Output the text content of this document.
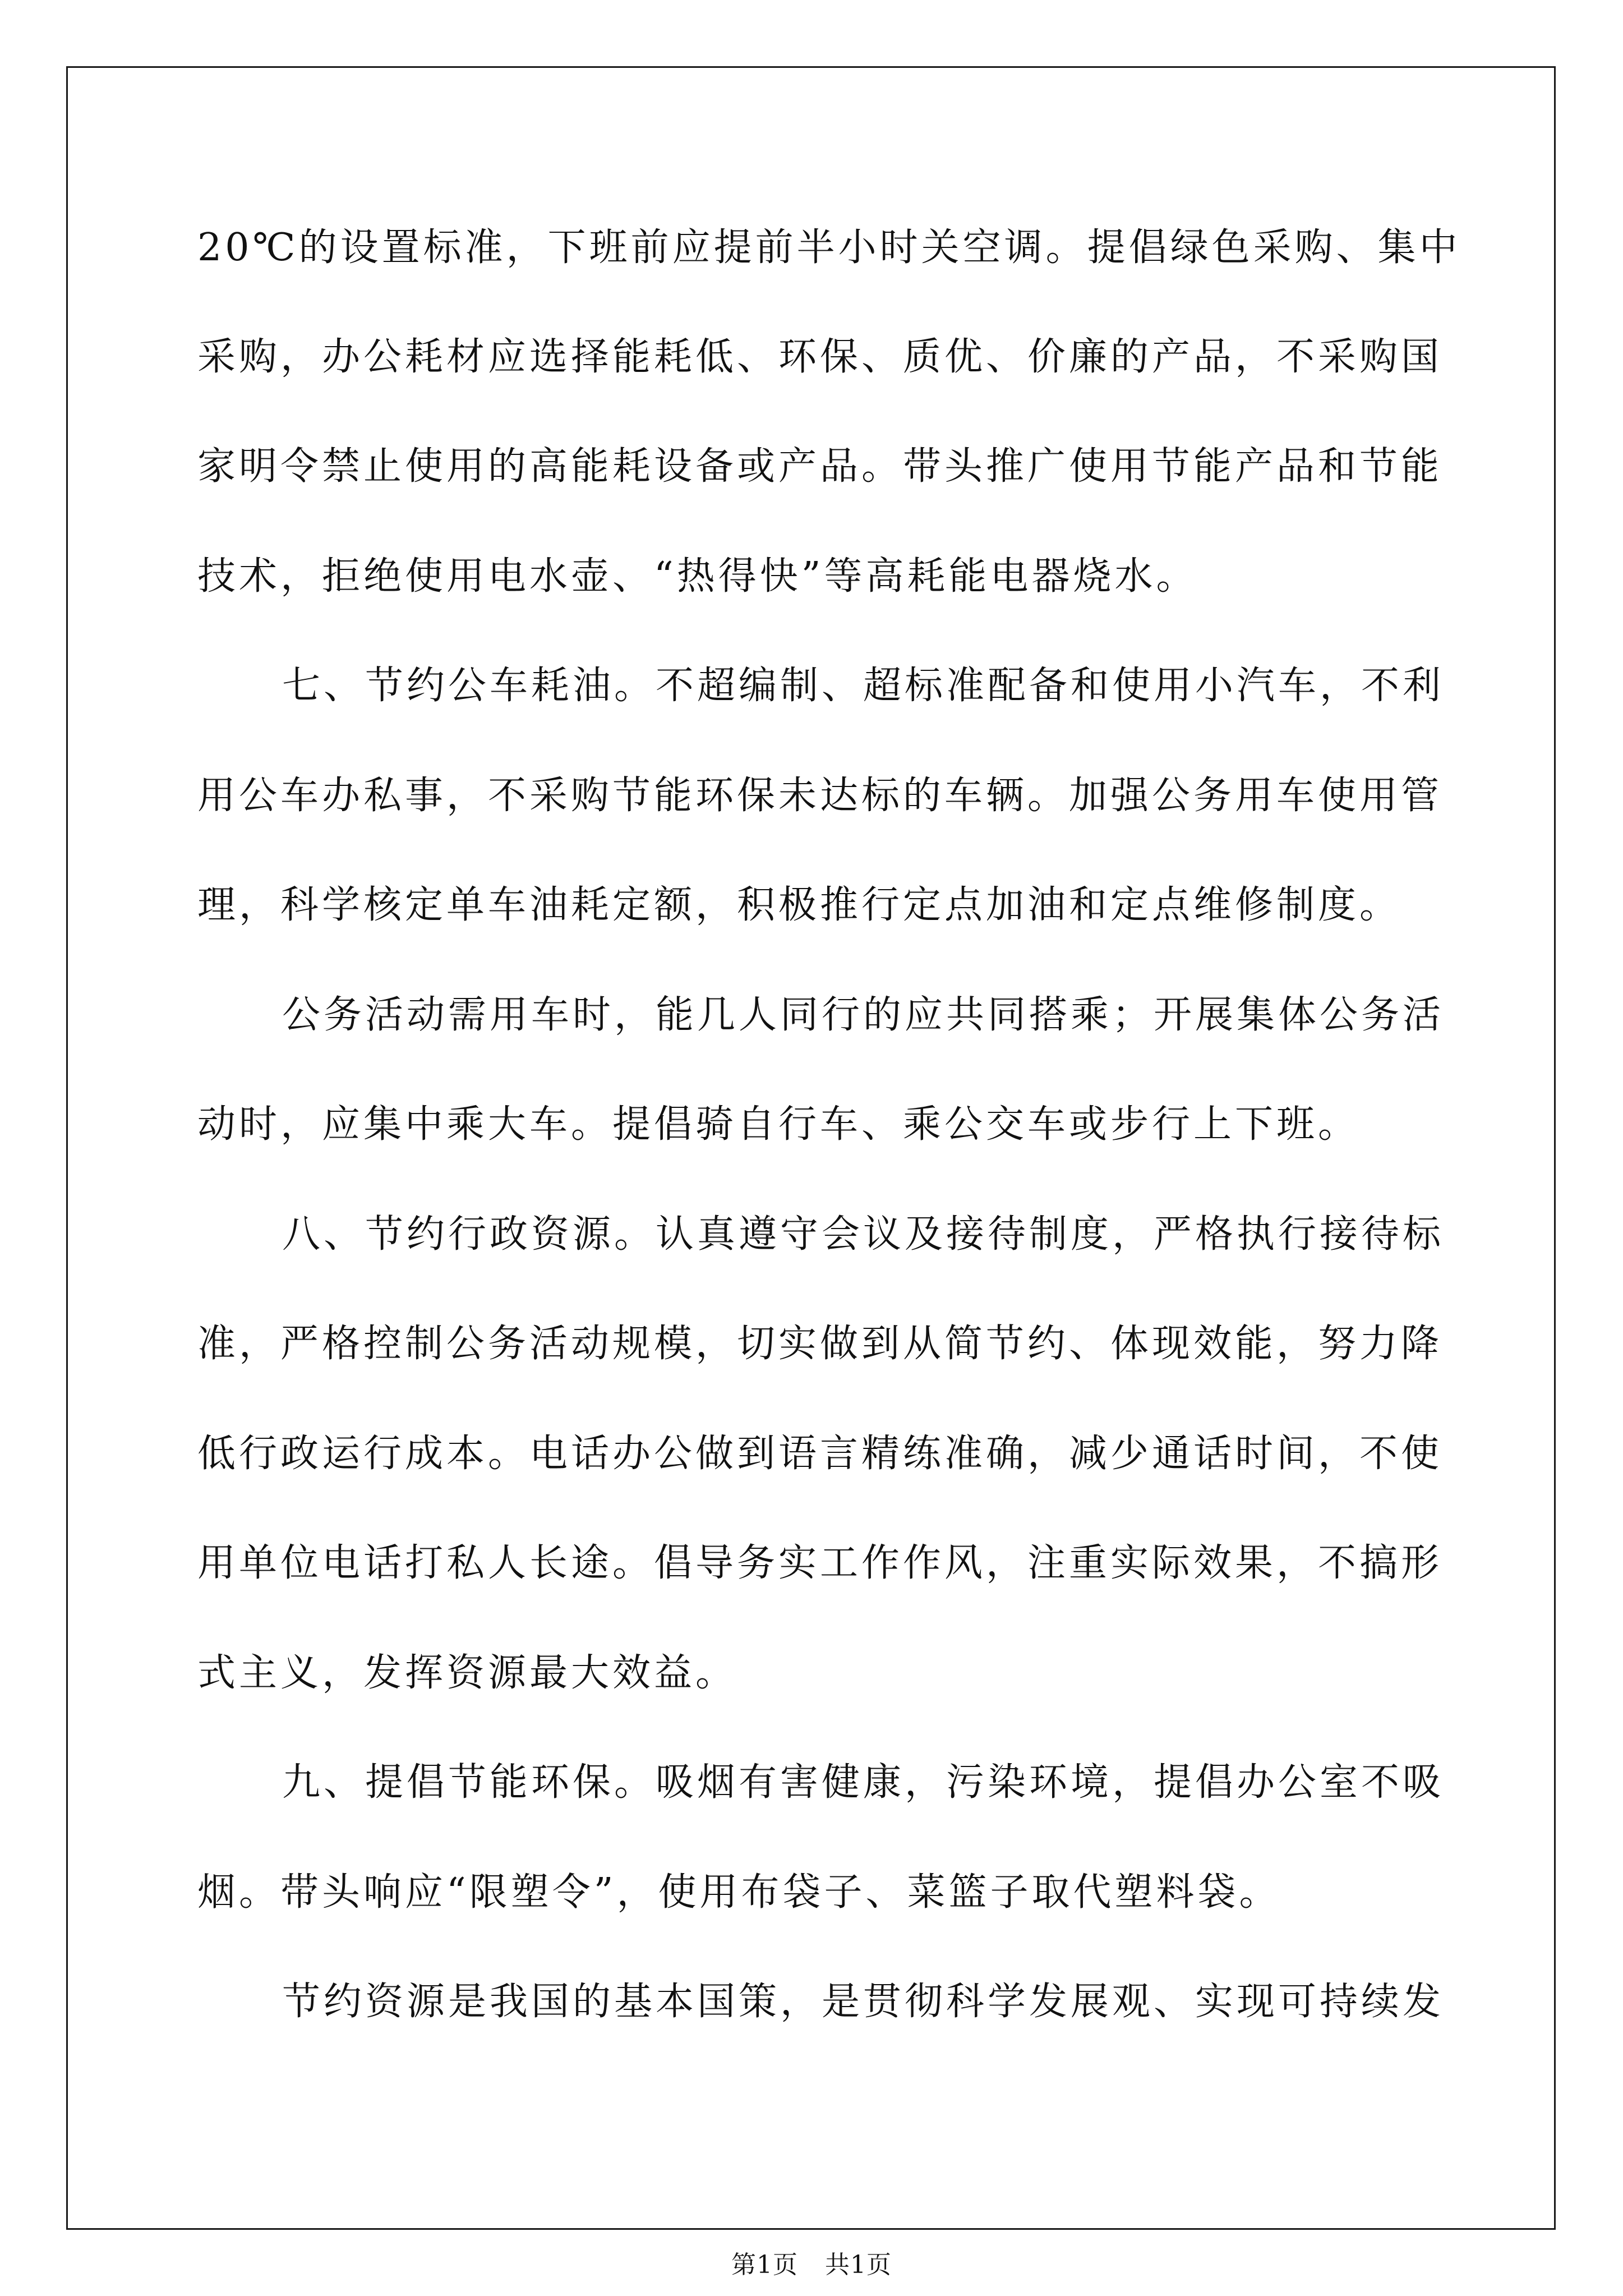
20℃的设置标准，下班前应提前半小时关空调。提倡绿色采购、集中
采购，办公耗材应选择能耗低、环保、质优、价廉的产品，不采购国
家明令禁止使用的高能耗设备或产品。带头推广使用节能产品和节能
技术，拒绝使用电水壶、“热得快”等高耗能电器烧水。
七、节约公车耗油。不超编制、超标准配备和使用小汽车，不利
用公车办私事，不采购节能环保未达标的车辆。加强公务用车使用管
理，科学核定单车油耗定额，积极推行定点加油和定点维修制度。
公务活动需用车时，能几人同行的应共同搭乘；开展集体公务活
动时，应集中乘大车。提倡骑自行车、乘公交车或步行上下班。
八、节约行政资源。认真遵守会议及接待制度，严格执行接待标
准，严格控制公务活动规模，切实做到从简节约、体现效能，努力降
低行政运行成本。电话办公做到语言精练准确，减少通话时间，不使
用单位电话打私人长途。倡导务实工作作风，注重实际效果，不搞形
式主义，发挥资源最大效益。
九、提倡节能环保。吸烟有害健康，污染环境，提倡办公室不吸
烟。带头响应“限塑令”，使用布袋子、菜篮子取代塑料袋。
节约资源是我国的基本国策，是贯彻科学发展观、实现可持续发
第1页 共1页
